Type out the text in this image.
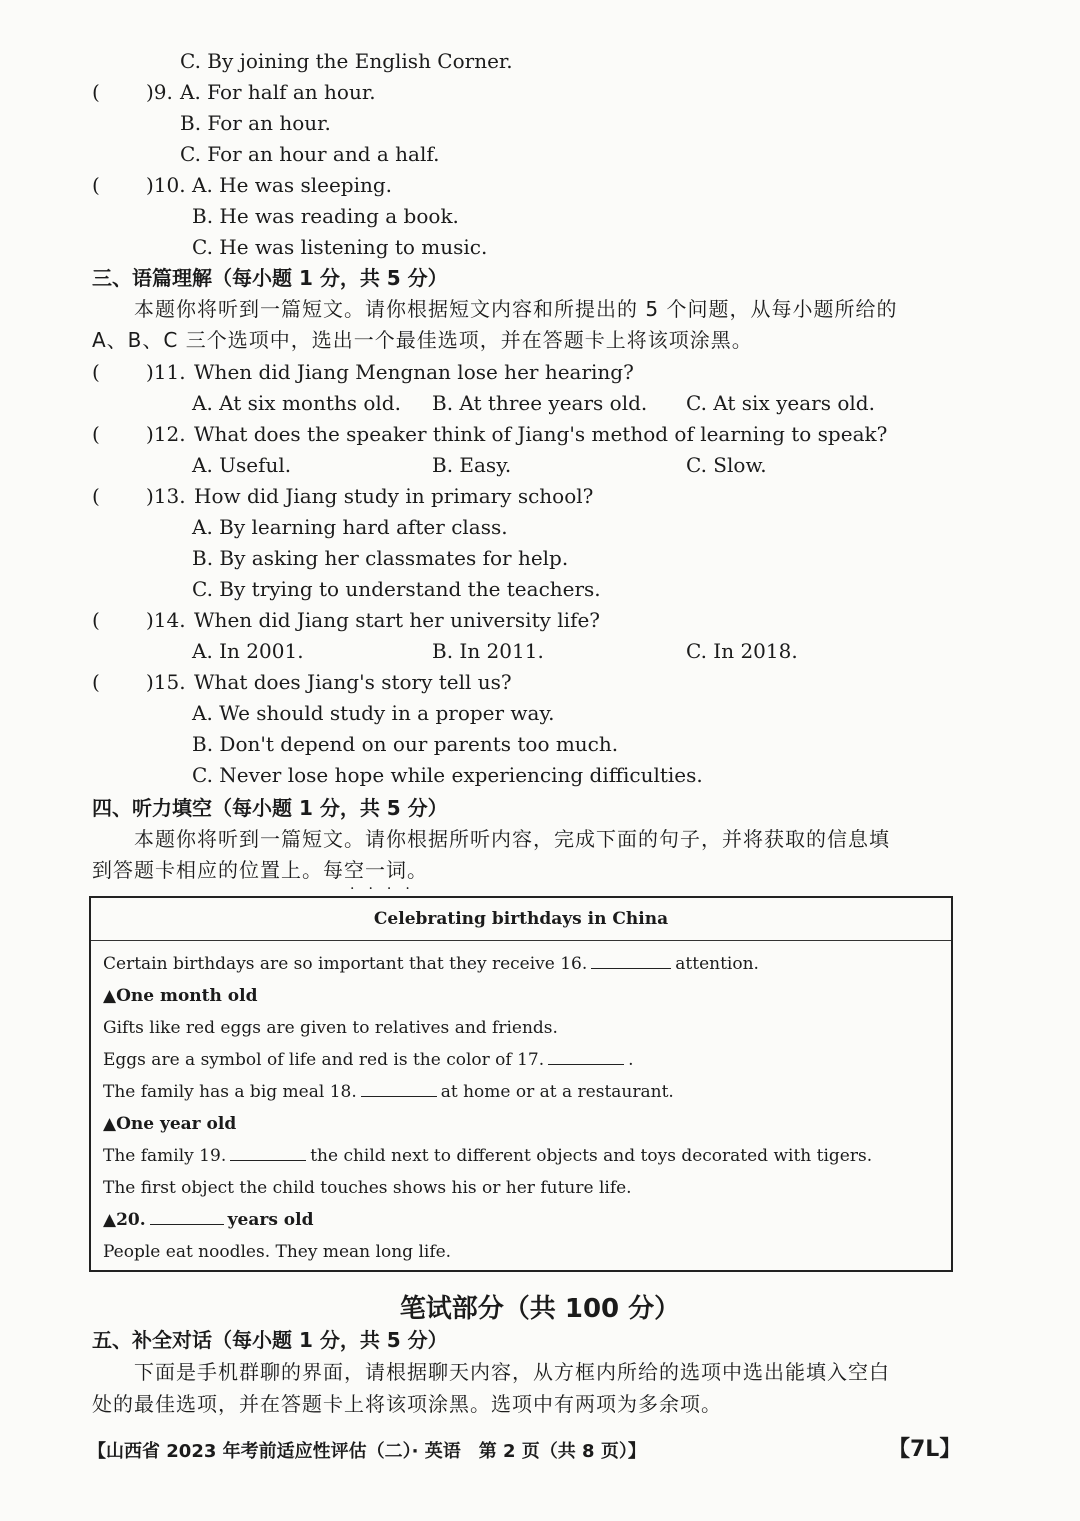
C. By joining the English Corner.
( )9. A. For half an hour.
B. For an hour.
C. For an hour and a half.
( )10. A. He was sleeping.
B. He was reading a book.
C. He was listening to music.
三、语篇理解（每小题 1 分，共 5 分）
本题你将听到一篇短文。请你根据短文内容和所提出的 5 个问题，从每小题所给的
A、B、C 三个选项中，选出一个最佳选项，并在答题卡上将该项涂黑。
( )11. When did Jiang Mengnan lose her hearing?
A. At six months old. B. At three years old. C. At six years old.
( )12. What does the speaker think of Jiang's method of learning to speak?
A. Useful.	B. Easy.	C. Slow.
( )13. How did Jiang study in primary school?
A. By learning hard after class.
B. By asking her classmates for help.
C. By trying to understand the teachers.
( )14. When did Jiang start her university life?
A. In 2001.	B. In 2011.	C. In 2018.
( )15. What does Jiang's story tell us?
A. We should study in a proper way.
B. Don't depend on our parents too much.
C. Never lose hope while experiencing difficulties.
四、听力填空（每小题 1 分，共 5 分）
本题你将听到一篇短文。请你根据所听内容，完成下面的句子，并将获取的信息填
到答题卡相应的位置上。每空一词。
····
Celebrating birthdays in China
Certain birthdays are so important that they receive 16.	attention.
▲One month old
Gifts like red eggs are given to relatives and friends.
Eggs are a symbol of life and red is the color of 17.	.
The family has a big meal 18.	at home or at a restaurant.
▲One year old
The family 19.	the child next to different objects and toys decorated with tigers.
The first object the child touches shows his or her future life.
▲20.	years old
People eat noodles. They mean long life.
笔试部分（共 100 分）
五、补全对话（每小题 1 分，共 5 分）
下面是手机群聊的界面，请根据聊天内容，从方框内所给的选项中选出能填入空白
处的最佳选项，并在答题卡上将该项涂黑。选项中有两项为多余项。
【山西省 2023 年考前适应性评估（二）· 英语　第 2 页（共 8 页）】	【7L】
